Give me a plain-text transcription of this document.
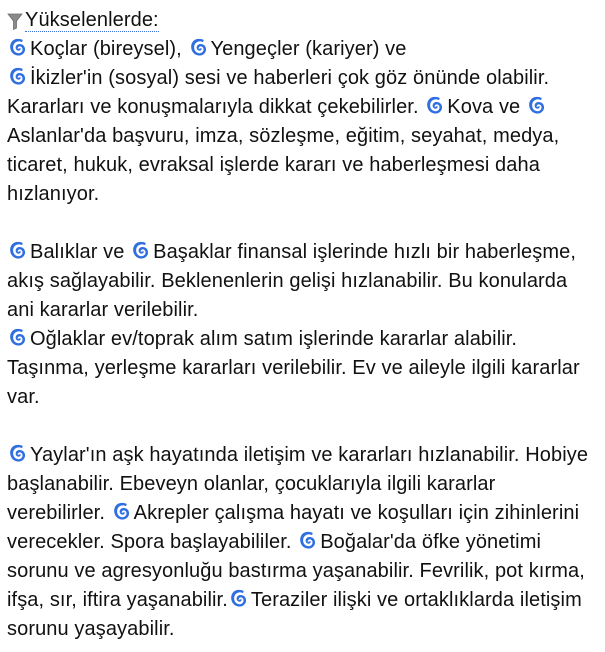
Yükselenlerde:

Koçlar (bireysel), Yengeçler (kariyer) ve
İkizler'in (sosyal) sesi ve haberleri çok göz önünde olabilir. Kararları ve konuşmalarıyla dikkat çekebilirler. Kova ve Aslanlar'da başvuru, imza, sözleşme, eğitim, seyahat, medya, ticaret, hukuk, evraksal işlerde kararı ve haberleşmesi daha hızlanıyor.

Balıklar ve Başaklar finansal işlerinde hızlı bir haberleşme, akış sağlayabilir. Beklenenlerin gelişi hızlanabilir. Bu konularda ani kararlar verilebilir.
Oğlaklar ev/toprak alım satım işlerinde kararlar alabilir. Taşınma, yerleşme kararları verilebilir. Ev ve aileyle ilgili kararlar var.

Yaylar'ın aşk hayatında iletişim ve kararları hızlanabilir. Hobiye başlanabilir. Ebeveyn olanlar, çocuklarıyla ilgili kararlar verebilirler. Akrepler çalışma hayatı ve koşulları için zihinlerini verecekler. Spora başlayabililer. Boğalar'da öfke yönetimi sorunu ve agresyonluğu bastırma yaşanabilir. Fevrilik, pot kırma, ifşa, sır, iftira yaşanabilir. Teraziler ilişki ve ortaklıklarda iletişim sorunu yaşayabilir.
